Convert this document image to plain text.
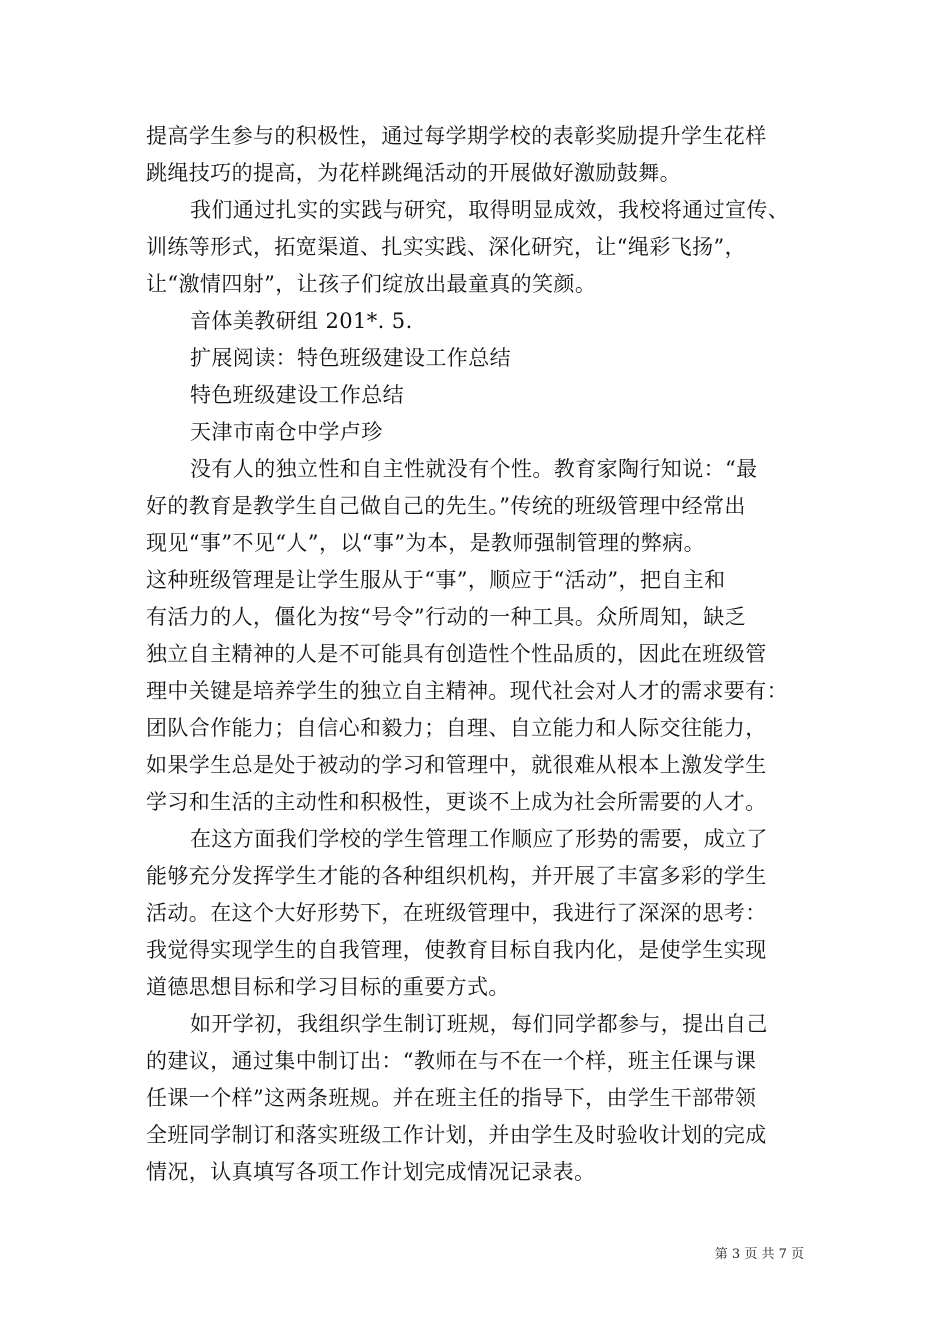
提高学生参与的积极性，通过每学期学校的表彰奖励提升学生花样
跳绳技巧的提高，为花样跳绳活动的开展做好激励鼓舞。
我们通过扎实的实践与研究，取得明显成效，我校将通过宣传、
训练等形式，拓宽渠道、扎实实践、深化研究，让“绳彩飞扬”，
让“激情四射”，让孩子们绽放出最童真的笑颜。
音体美教研组 201*. 5.
扩展阅读：特色班级建设工作总结
特色班级建设工作总结
天津市南仓中学卢珍
没有人的独立性和自主性就没有个性。教育家陶行知说：“最
好的教育是教学生自己做自己的先生。”传统的班级管理中经常出
现见“事”不见“人”，以“事”为本，是教师强制管理的弊病。
这种班级管理是让学生服从于“事”，顺应于“活动”，把自主和
有活力的人，僵化为按“号令”行动的一种工具。众所周知，缺乏
独立自主精神的人是不可能具有创造性个性品质的，因此在班级管
理中关键是培养学生的独立自主精神。现代社会对人才的需求要有：
团队合作能力；自信心和毅力；自理、自立能力和人际交往能力，
如果学生总是处于被动的学习和管理中，就很难从根本上激发学生
学习和生活的主动性和积极性，更谈不上成为社会所需要的人才。
在这方面我们学校的学生管理工作顺应了形势的需要，成立了
能够充分发挥学生才能的各种组织机构，并开展了丰富多彩的学生
活动。在这个大好形势下，在班级管理中，我进行了深深的思考：
我觉得实现学生的自我管理，使教育目标自我内化，是使学生实现
道德思想目标和学习目标的重要方式。
如开学初，我组织学生制订班规，每们同学都参与，提出自己
的建议，通过集中制订出：“教师在与不在一个样，班主任课与课
任课一个样”这两条班规。并在班主任的指导下，由学生干部带领
全班同学制订和落实班级工作计划，并由学生及时验收计划的完成
情况，认真填写各项工作计划完成情况记录表。
第 3 页 共 7 页
